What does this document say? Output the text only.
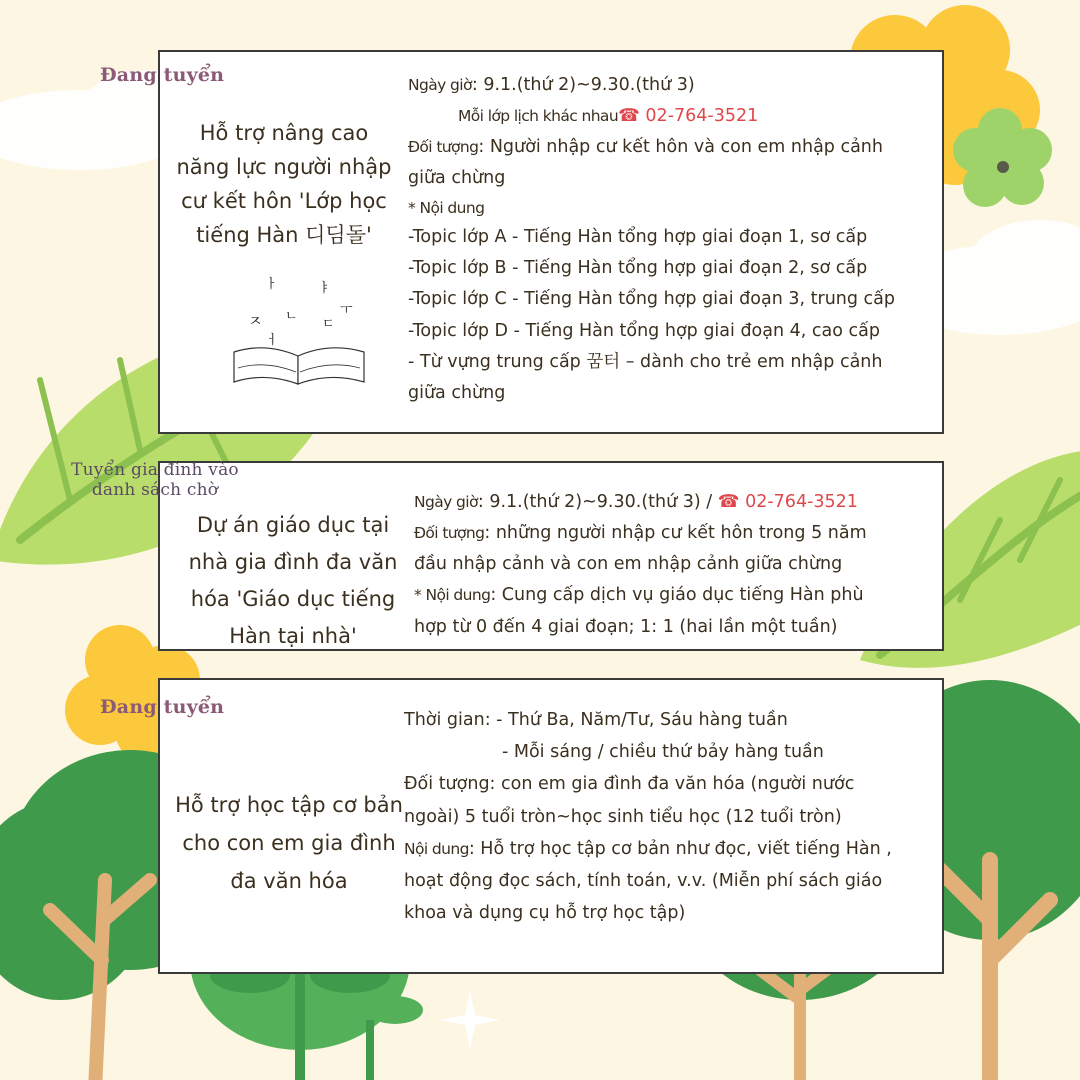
Đang tuyển
Hỗ trợ nâng cao
năng lực người nhập
cư kết hôn 'Lớp học
tiếng Hàn 디딤돌'
ㅏ	ㅑ
ㅈ ㄴ
ㄷ
ㅜ
ㅓ
Ngày giờ: 9.1.(thứ 2)~9.30.(thứ 3)
Mỗi lớp lịch khác nhau☎ 02-764-3521
Đối tượng: Người nhập cư kết hôn và con em nhập cảnh
giữa chừng
* Nội dung
-Topic lớp A - Tiếng Hàn tổng hợp giai đoạn 1, sơ cấp
-Topic lớp B - Tiếng Hàn tổng hợp giai đoạn 2, sơ cấp
-Topic lớp C - Tiếng Hàn tổng hợp giai đoạn 3, trung cấp
-Topic lớp D - Tiếng Hàn tổng hợp giai đoạn 4, cao cấp
- Từ vựng trung cấp 꿈터 – dành cho trẻ em nhập cảnh
giữa chừng
Dự án giáo dục tại
nhà gia đình đa văn
hóa 'Giáo dục tiếng
Hàn tại nhà'
Ngày giờ: 9.1.(thứ 2)~9.30.(thứ 3) / ☎ 02-764-3521
Đối tượng: những người nhập cư kết hôn trong 5 năm
đầu nhập cảnh và con em nhập cảnh giữa chừng
* Nội dung: Cung cấp dịch vụ giáo dục tiếng Hàn phù
hợp từ 0 đến 4 giai đoạn; 1: 1 (hai lần một tuần)
Tuyển gia đình vào
danh sách chờ
Đang tuyển
Hỗ trợ học tập cơ bản
cho con em gia đình
đa văn hóa
Thời gian: - Thứ Ba, Năm/Tư, Sáu hàng tuần
- Mỗi sáng / chiều thứ bảy hàng tuần
Đối tượng: con em gia đình đa văn hóa (người nước
ngoài) 5 tuổi tròn~học sinh tiểu học (12 tuổi tròn)
Nội dung: Hỗ trợ học tập cơ bản như đọc, viết tiếng Hàn ,
hoạt động đọc sách, tính toán, v.v. (Miễn phí sách giáo
khoa và dụng cụ hỗ trợ học tập)
